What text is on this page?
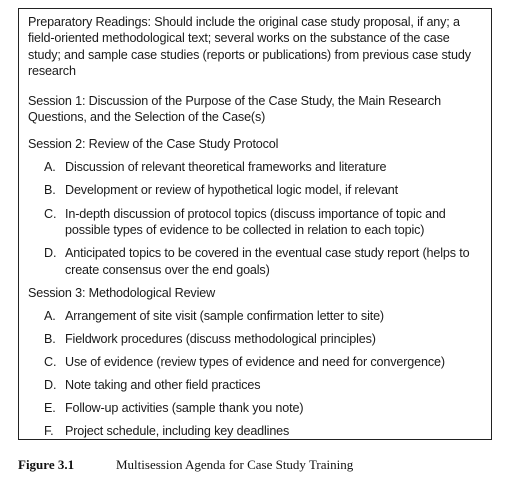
Preparatory Readings: Should include the original case study proposal, if any; a field-oriented methodological text; several works on the substance of the case study; and sample case studies (reports or publications) from previous case study research

Session 1: Discussion of the Purpose of the Case Study, the Main Research Questions, and the Selection of the Case(s)

Session 2: Review of the Case Study Protocol

A. Discussion of relevant theoretical frameworks and literature
B. Development or review of hypothetical logic model, if relevant
C. In-depth discussion of protocol topics (discuss importance of topic and possible types of evidence to be collected in relation to each topic)
D. Anticipated topics to be covered in the eventual case study report (helps to create consensus over the end goals)

Session 3: Methodological Review

A. Arrangement of site visit (sample confirmation letter to site)
B. Fieldwork procedures (discuss methodological principles)
C. Use of evidence (review types of evidence and need for convergence)
D. Note taking and other field practices
E. Follow-up activities (sample thank you note)
F. Project schedule, including key deadlines
Figure 3.1	Multisession Agenda for Case Study Training
